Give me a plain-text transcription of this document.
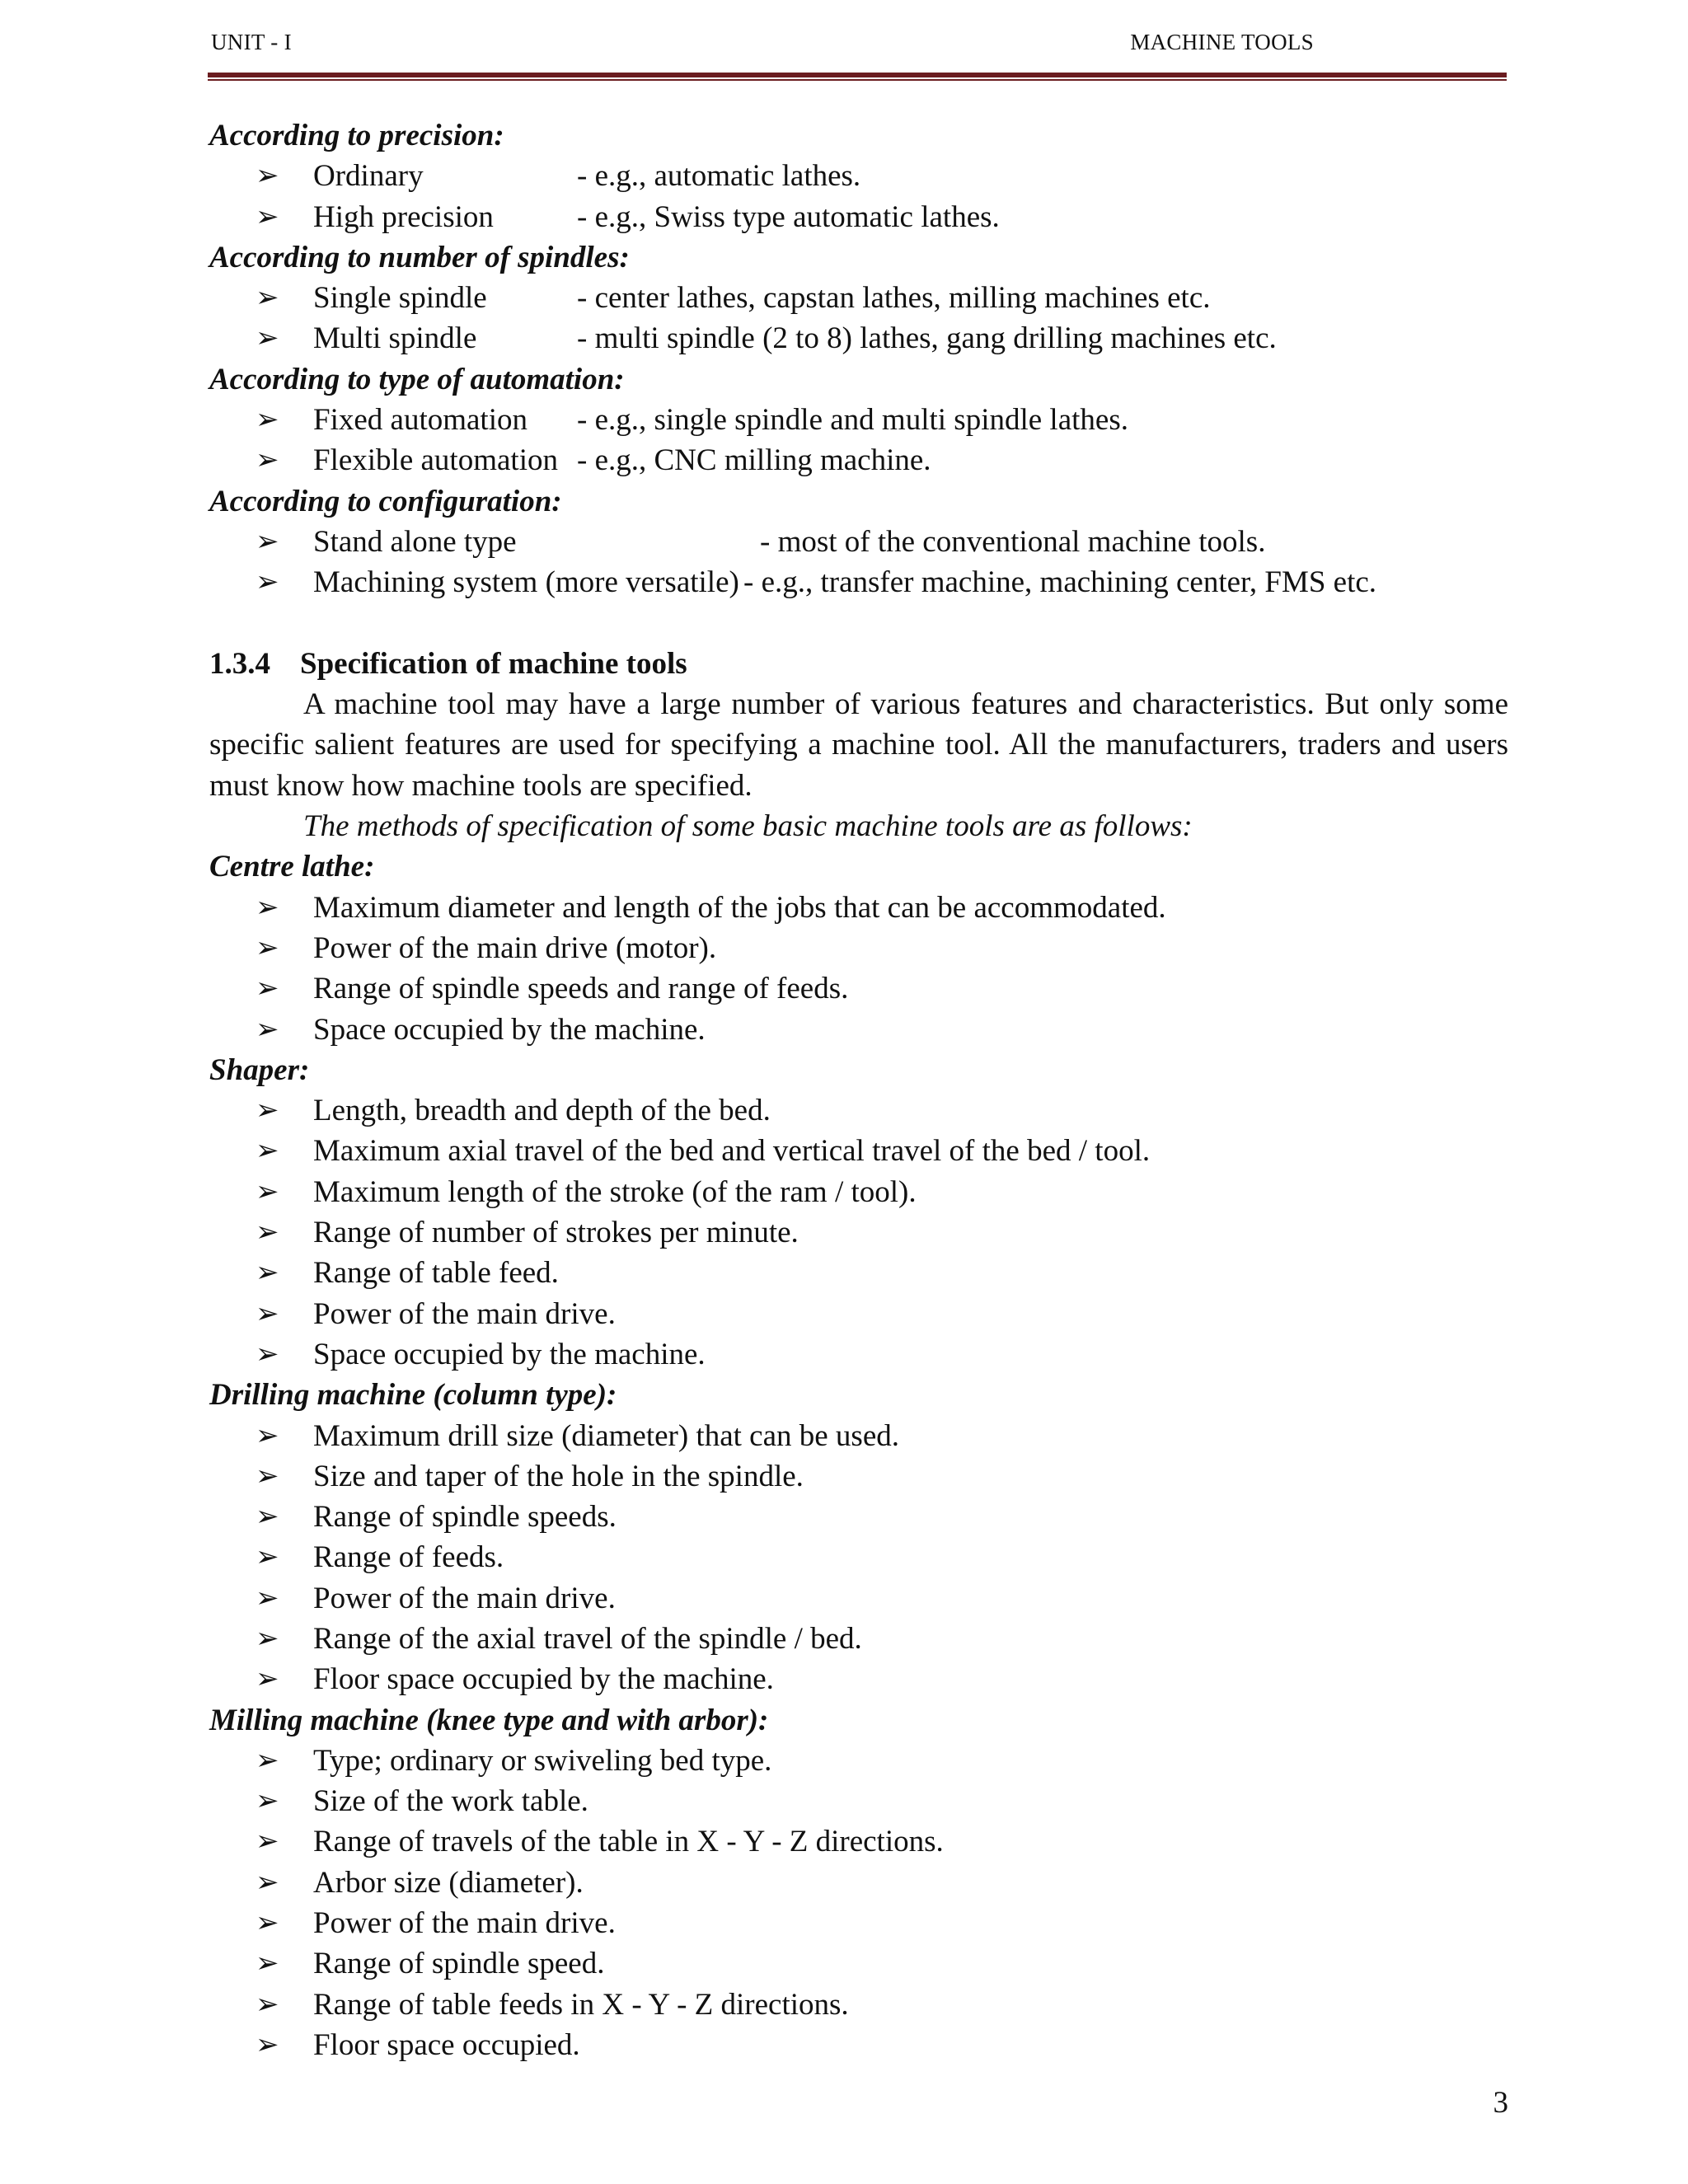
UNIT - I	MACHINE TOOLS
According to precision:
➢ Ordinary	- e.g., automatic lathes.
➢ High precision	- e.g., Swiss type automatic lathes.
According to number of spindles:
➢ Single spindle	- center lathes, capstan lathes, milling machines etc.
➢ Multi spindle	- multi spindle (2 to 8) lathes, gang drilling machines etc.
According to type of automation:
➢ Fixed automation - e.g., single spindle and multi spindle lathes.
➢ Flexible automation - e.g., CNC milling machine.
According to configuration:
➢ Stand alone type	- most of the conventional machine tools.
➢ Machining system (more versatile) - e.g., transfer machine, machining center, FMS etc.
1.3.4 Specification of machine tools
A machine tool may have a large number of various features and characteristics. But only some specific salient features are used for specifying a machine tool. All the manufacturers, traders and users must know how machine tools are specified.
The methods of specification of some basic machine tools are as follows:
Centre lathe:
➢ Maximum diameter and length of the jobs that can be accommodated.
➢ Power of the main drive (motor).
➢ Range of spindle speeds and range of feeds.
➢ Space occupied by the machine.
Shaper:
➢ Length, breadth and depth of the bed.
➢ Maximum axial travel of the bed and vertical travel of the bed / tool.
➢ Maximum length of the stroke (of the ram / tool).
➢ Range of number of strokes per minute.
➢ Range of table feed.
➢ Power of the main drive.
➢ Space occupied by the machine.
Drilling machine (column type):
➢ Maximum drill size (diameter) that can be used.
➢ Size and taper of the hole in the spindle.
➢ Range of spindle speeds.
➢ Range of feeds.
➢ Power of the main drive.
➢ Range of the axial travel of the spindle / bed.
➢ Floor space occupied by the machine.
Milling machine (knee type and with arbor):
➢ Type; ordinary or swiveling bed type.
➢ Size of the work table.
➢ Range of travels of the table in X - Y - Z directions.
➢ Arbor size (diameter).
➢ Power of the main drive.
➢ Range of spindle speed.
➢ Range of table feeds in X - Y - Z directions.
➢ Floor space occupied.
3
